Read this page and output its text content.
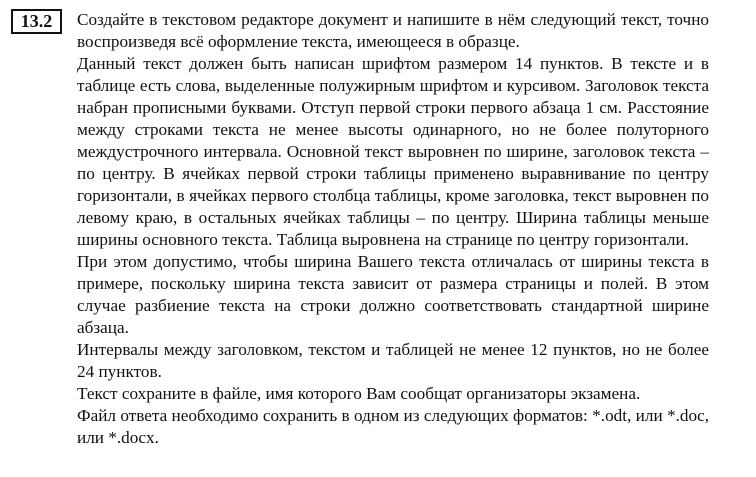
13.2	Создайте в текстовом редакторе документ и напишите в нём следующий текст, точно воспроизведя всё оформление текста, имеющееся в образце.

Данный текст должен быть написан шрифтом размером 14 пунктов. В тексте и в таблице есть слова, выделенные полужирным шрифтом и курсивом. Заголовок текста набран прописными буквами. Отступ первой строки первого абзаца 1 см. Расстояние между строками текста не менее высоты одинарного, но не более полуторного междустрочного интервала. Основной текст выровнен по ширине, заголовок текста – по центру. В ячейках первой строки таблицы применено выравнивание по центру горизонтали, в ячейках первого столбца таблицы, кроме заголовка, текст выровнен по левому краю, в остальных ячейках таблицы – по центру. Ширина таблицы меньше ширины основного текста. Таблица выровнена на странице по центру горизонтали.

При этом допустимо, чтобы ширина Вашего текста отличалась от ширины текста в примере, поскольку ширина текста зависит от размера страницы и полей. В этом случае разбиение текста на строки должно соответствовать стандартной ширине абзаца.

Интервалы между заголовком, текстом и таблицей не менее 12 пунктов, но не более 24 пунктов.

Текст сохраните в файле, имя которого Вам сообщат организаторы экзамена.

Файл ответа необходимо сохранить в одном из следующих форматов: *.odt, или *.doc, или *.docx.
